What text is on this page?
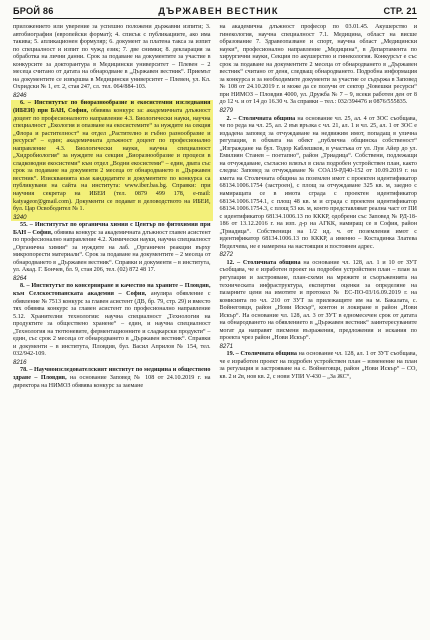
БРОЙ 86	ДЪРЖАВЕН ВЕСТНИК	СТР. 21

приложението или уверение за успешно положени държавни изпити; 3. автобиография (европейски формат); 4. списък с публикациите, ако има такива; 5. апликационен формуляр; 6. документ за платена такса за изпит по специалност и изпит по чужд език; 7. две снимки; 8. декларация за обработка на лични данни. Срок за подаване на документите за участие в конкурсите за докторантура в Медицински университет – Плевен – 2 месеца считано от датата на обнародване в „Държавен вестник“. Приемът на документите се извършва в Медицински университет – Плевен, ул. Кл. Охридски № 1, ет. 2, стая 247, сл. тел. 064/884-103.

8246

6. – Институтът по биоразнообразие и екосистемни изследвания (ИБЕИ) при БАН, София, обявява конкурс за: академичната длъжност доцент по професионалното направление 4.3. Биологически науки, научна специалност „Екология и опазване на екосистемите“ за нуждите на секция „Флора и растителност“ на отдел „Растително и гъбно разнообразие и ресурси“ – един; академичната длъжност доцент по професионално направление 4.3. Биологически науки, научна специалност „Хидробиология“ за нуждите на секция „Биоразнообразие и процеси в сладководни екосистеми“ към отдел „Водни екосистеми“ – един, двата със срок за подаване на документи 2 месеца от обнародването в „Държавен вестник“. Изискванията към кандидатите и документите по конкурса са публикувани на сайта на института: www.iber.bas.bg. Справки: при научния секретар на ИБЕИ (тел. 0879 499 178, e-mail: katyageor@gmail.com). Документи се подават в деловодството на ИБЕИ, бул. Цар Освободител № 1.

3240

55. – Институтът по органична химия с Център по фитохимия при БАН – София, обявява конкурс за академичната длъжност главен асистент по професионално направление 4.2. Химически науки, научна специалност „Органична химия“ за нуждите на лаб. „Органичен реакции върху микропорести материали“. Срок за подаване на документите – 2 месеца от обнародването в „Държавен вестник“. Справки и документи – в института, ул. Акад. Г. Бончев, бл. 9, стая 206, тел. (02) 872 48 17.

8264

8. – Институтът по консервиране и качество на храните – Пловдив, към Селскостопанската академия – София, анулира обявление с обявление № 7513 конкурс за главен асистент (ДВ, бр. 79, стр. 29) и вместо тях обявява конкурс за главен асистент по професионално направление 5.12. Хранителни технологии: научна специалност „Технология на продуктите за обществено хранене“ – един, и научна специалност „Технология на тютюневите, ферментационните и сладкарски продукти“ – един, със срок 2 месеца от обнародването в „Държавен вестник“. Справки и документи – в института, Пловдив, бул. Васил Априлов № 154, тел. 032/942-109.

8216

78. – Научноизследователският институт по медицина и обществено здраве – Пловдив, на основание Заповед № 108 от 24.10.2019 г. на директора на НИМОЗ обявява конкурс за заемане

на академична длъжност професор по 03.01.45. Акушерство и гинекология, научна специалност 7.1. Медицина, област на висше образование 7. Здравеопазване и спорт, научна област „Медицински науки“, професионално направление „Медицина“, в Департамента по хирургични науки, Секция по акушерство и гинекология. Конкурсът е със срок за подаване на документите 2 месеца от обнародването в „Държавен вестник“ считано от деня, следващ обнародването. Подробна информация за конкурса и за необходимите документи за участие се съдържа в Заповед № 108 от 24.10.2019 г. и може да се получи от сектор „Човешки ресурси“ при НИМОЗ – Пловдив 4000, ул. Дружба № 7 – 9, всеки работен ден от 8 до 12 ч. и от 14 до 16.30 ч. За справки – тел.: 032/394476 и 0876/555835.

8279

2. – Столичната община на основание чл. 25, ал. 4 от ЗОС съобщава, че по реда на чл. 25, ал. 2 във връзка с чл. 21, ал. 1 и чл. 25, ал. 1 от ЗОС е издадена заповед за отчуждаване на недвижим имот, попадащ в улична регулация, в обхвата на обект „публична общинска собственост“ „Изграждане на бул. Тодор Каблешков, в участъка от ул. Луи Айер до ул. Емилиян Станев – поетапно“, район „Триадица“. Собствени, подлежащи на отчуждаване, съгласно влязъл в сила подробен устройствен план, както следва: Заповед за отчуждаване № СОА19-РД40-152 от 10.09.2019 г. на кмета на Столичната община за поземлен имот с проектен идентификатор 68134.1006.1754 (застроен), с площ за отчуждаване 325 кв. м, заедно с намиращата се в имота сграда с проектен идентификатор 68134.1006.1754.1, с площ 48 кв. м и сграда с проектен идентификатор 68134.1006.1754.3, с площ 53 кв. м, конто представляват реална част от ПИ с идентификатор 68134.1006.13 по КККР, одобрени със Заповед № РД-18-186 от 13.12.2016 г. на изп. д-р на АГКК, намиращ се в София, район „Триадица“. Собственици на 1/2 ид. ч. от поземления имот с идентификатор 68134.1006.13 по КККР, а именно – Костадинка Златева Неделчева, не е намерена на настоящия и постоянен адрес.

8272

12. – Столичната община на основание чл. 128, ал. 1 и 10 от ЗУТ съобщава, че е изработен проект на подробен устройствен план – план за регулация и застрояване, план-схеми на мрежите и съоръженията на техническата инфраструктура, експертни оценки за определяне на пазарните цени на имотите и протокол № ЕС-ПО-03/16.09.2019 г. на комисията по чл. 210 от ЗУТ за прилежащите им на м. Бакалата, с. Войнеговци, район „Нови Искър“, контон и локиране в район „Нови Искър“. На основание чл. 128, ал. 3 от ЗУТ в едномесечен срок от датата на обнародването на обявлението в „Държавен вестник“ заинтересуваните могат да направят писмени възражения, предложения и искания по проекта чрез район „Нови Искър“.

8271

19. – Столичната община на основание чл. 128, ал. 1 от ЗУТ съобщава, че е изработен проект на подробен устройствен план – изменение на план за регулация и застрояване на с. Войнеговци, район „Нови Искър“ – СО, кв. 2 и 2в, нов кв. 2, с нови УПИ V-430 – „За ЖС“,
